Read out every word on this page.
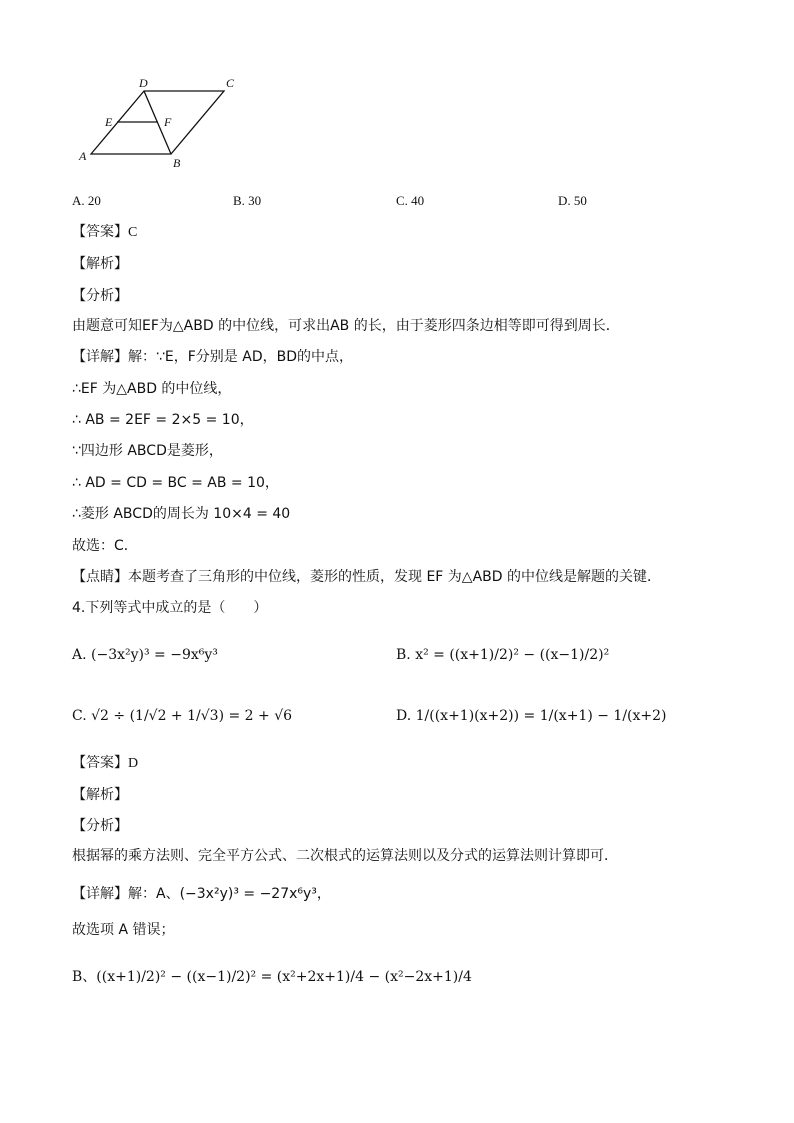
D	C
E	F
A	B
A. 20	B. 30	C. 40	D. 50
【答案】C
【解析】
【分析】
由题意可知EF为△ABD 的中位线，可求出AB 的长，由于菱形四条边相等即可得到周长．
【详解】解：∵E，F分别是 AD，BD的中点，
∴EF 为△ABD 的中位线，
∴ AB = 2EF = 2×5 = 10，
∵四边形 ABCD是菱形，
∴ AD = CD = BC = AB = 10，
∴菱形 ABCD的周长为 10×4 = 40
故选：C．
【点睛】本题考查了三角形的中位线，菱形的性质，发现 EF 为△ABD 的中位线是解题的关键．
4.下列等式中成立的是（　　）
A. (−3x²y)³ = −9x⁶y³	B. x² = ((x+1)/2)² − ((x−1)/2)²
C. √2 ÷ (1/√2 + 1/√3) = 2 + √6	D. 1/((x+1)(x+2)) = 1/(x+1) − 1/(x+2)
【答案】D
【解析】
【分析】
根据幂的乘方法则、完全平方公式、二次根式的运算法则以及分式的运算法则计算即可．
【详解】解：A、(−3x²y)³ = −27x⁶y³，
故选项 A 错误；
B、((x+1)/2)² − ((x−1)/2)² = (x²+2x+1)/4 − (x²−2x+1)/4
